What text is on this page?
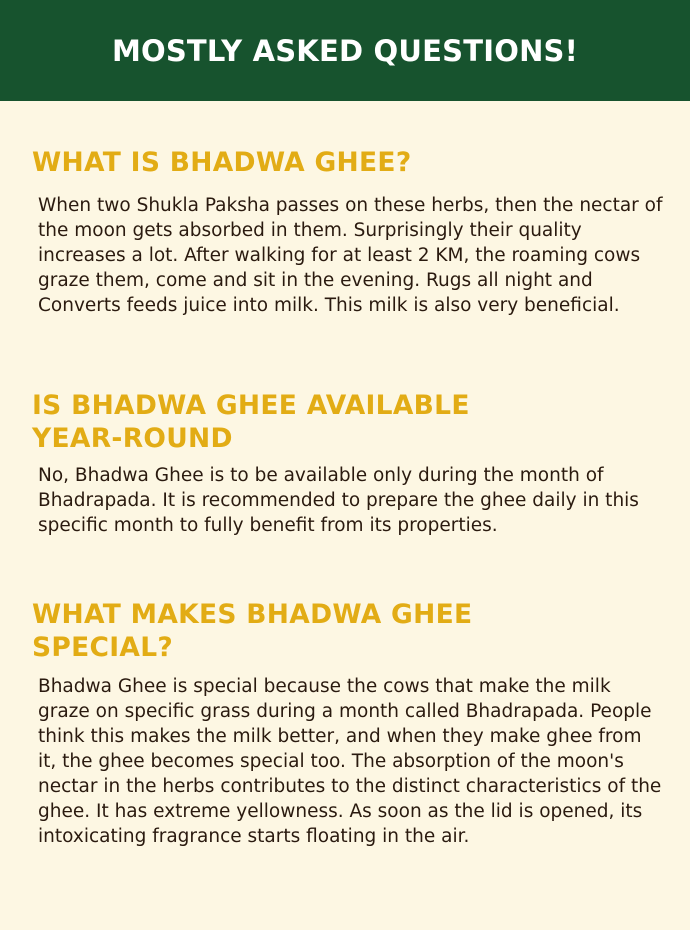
MOSTLY ASKED QUESTIONS!
WHAT IS BHADWA GHEE?

When two Shukla Paksha passes on these herbs, then the nectar of the moon gets absorbed in them. Surprisingly their quality increases a lot. After walking for at least 2 KM, the roaming cows graze them, come and sit in the evening. Rugs all night and Converts feeds juice into milk. This milk is also very beneficial.

IS BHADWA GHEE AVAILABLE YEAR-ROUND

No, Bhadwa Ghee is to be available only during the month of Bhadrapada. It is recommended to prepare the ghee daily in this specific month to fully benefit from its properties.

WHAT MAKES BHADWA GHEE SPECIAL?

Bhadwa Ghee is special because the cows that make the milk graze on specific grass during a month called Bhadrapada. People think this makes the milk better, and when they make ghee from it, the ghee becomes special too. The absorption of the moon's nectar in the herbs contributes to the distinct characteristics of the ghee. It has extreme yellowness. As soon as the lid is opened, its intoxicating fragrance starts floating in the air.
